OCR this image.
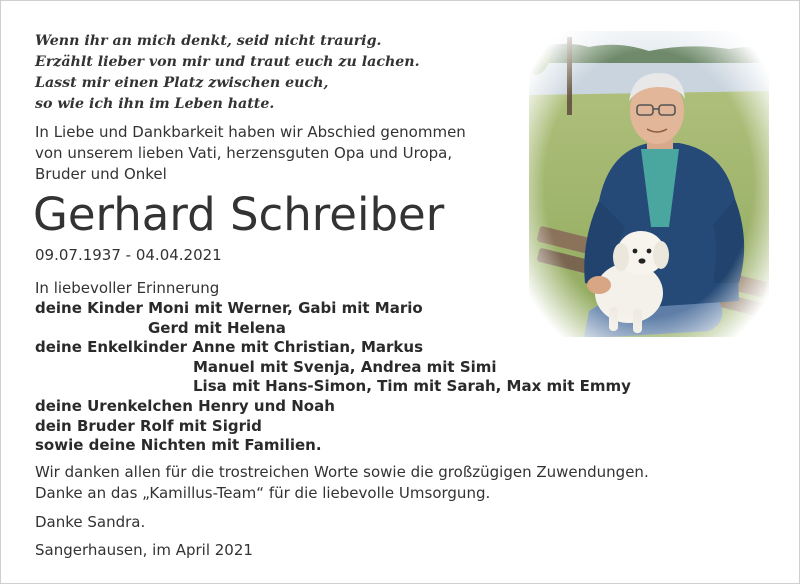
Wenn ihr an mich denkt, seid nicht traurig.
Erzählt lieber von mir und traut euch zu lachen.
Lasst mir einen Platz zwischen euch,
so wie ich ihn im Leben hatte.
In Liebe und Dankbarkeit haben wir Abschied genommen
von unserem lieben Vati, herzensguten Opa und Uropa,
Bruder und Onkel
Gerhard Schreiber
09.07.1937 - 04.04.2021
In liebevoller Erinnerung
deine Kinder Moni mit Werner, Gabi mit Mario
Gerd mit Helena
deine Enkelkinder Anne mit Christian, Markus
Manuel mit Svenja, Andrea mit Simi
Lisa mit Hans-Simon, Tim mit Sarah, Max mit Emmy
deine Urenkelchen Henry und Noah
dein Bruder Rolf mit Sigrid
sowie deine Nichten mit Familien.
Wir danken allen für die trostreichen Worte sowie die großzügigen Zuwendungen.
Danke an das „Kamillus-Team“ für die liebevolle Umsorgung.
Danke Sandra.
Sangerhausen, im April 2021
